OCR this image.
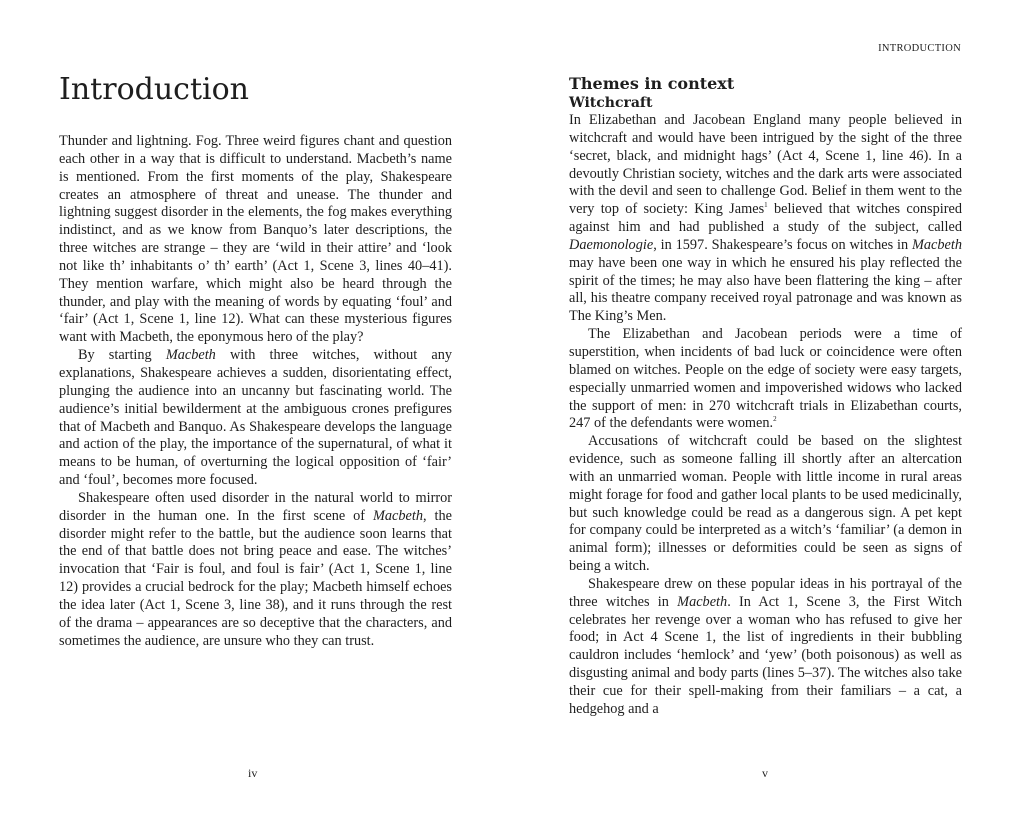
Introduction

Thunder and lightning. Fog. Three weird figures chant and question each other in a way that is difficult to understand. Macbeth’s name is mentioned. From the first moments of the play, Shakespeare creates an atmosphere of threat and unease. The thunder and lightning suggest disorder in the elements, the fog makes everything indistinct, and as we know from Banquo’s later descriptions, the three witches are strange – they are ‘wild in their attire’ and ‘look not like th’ inhabitants o’ th’ earth’ (Act 1, Scene 3, lines 40–41). They mention warfare, which might also be heard through the thunder, and play with the meaning of words by equating ‘foul’ and ‘fair’ (Act 1, Scene 1, line 12). What can these mysterious figures want with Macbeth, the eponymous hero of the play?

By starting Macbeth with three witches, without any explanations, Shakespeare achieves a sudden, disorientating effect, plunging the audience into an uncanny but fascinating world. The audience’s initial bewilderment at the ambiguous crones prefigures that of Macbeth and Banquo. As Shakespeare develops the language and action of the play, the importance of the supernatural, of what it means to be human, of overturning the logical opposition of ‘fair’ and ‘foul’, becomes more focused.

Shakespeare often used disorder in the natural world to mirror disorder in the human one. In the first scene of Macbeth, the disorder might refer to the battle, but the audience soon learns that the end of that battle does not bring peace and ease. The witches’ invocation that ‘Fair is foul, and foul is fair’ (Act 1, Scene 1, line 12) provides a crucial bedrock for the play; Macbeth himself echoes the idea later (Act 1, Scene 3, line 38), and it runs through the rest of the drama – appearances are so deceptive that the characters, and sometimes the audience, are unsure who they can trust.

iv
INTRODUCTION
Themes in context
Witchcraft

In Elizabethan and Jacobean England many people believed in witchcraft and would have been intrigued by the sight of the three ‘secret, black, and midnight hags’ (Act 4, Scene 1, line 46). In a devoutly Christian society, witches and the dark arts were associated with the devil and seen to challenge God. Belief in them went to the very top of society: King James$^1$ believed that witches conspired against him and had published a study of the subject, called Daemonologie, in 1597. Shakespeare’s focus on witches in Macbeth may have been one way in which he ensured his play reflected the spirit of the times; he may also have been flattering the king – after all, his theatre company received royal patronage and was known as The King’s Men.

The Elizabethan and Jacobean periods were a time of superstition, when incidents of bad luck or coincidence were often blamed on witches. People on the edge of society were easy targets, especially unmarried women and impoverished widows who lacked the support of men: in 270 witchcraft trials in Elizabethan courts, 247 of the defendants were women.$^2$

Accusations of witchcraft could be based on the slightest evidence, such as someone falling ill shortly after an altercation with an unmarried woman. People with little income in rural areas might forage for food and gather local plants to be used medicinally, but such knowledge could be read as a dangerous sign. A pet kept for company could be interpreted as a witch’s ‘familiar’ (a demon in animal form); illnesses or deformities could be seen as signs of being a witch.

Shakespeare drew on these popular ideas in his portrayal of the three witches in Macbeth. In Act 1, Scene 3, the First Witch celebrates her revenge over a woman who has refused to give her food; in Act 4 Scene 1, the list of ingredients in their bubbling cauldron includes ‘hemlock’ and ‘yew’ (both poisonous) as well as disgusting animal and body parts (lines 5–37). The witches also take their cue for their spell-making from their familiars – a cat, a hedgehog and a

v
